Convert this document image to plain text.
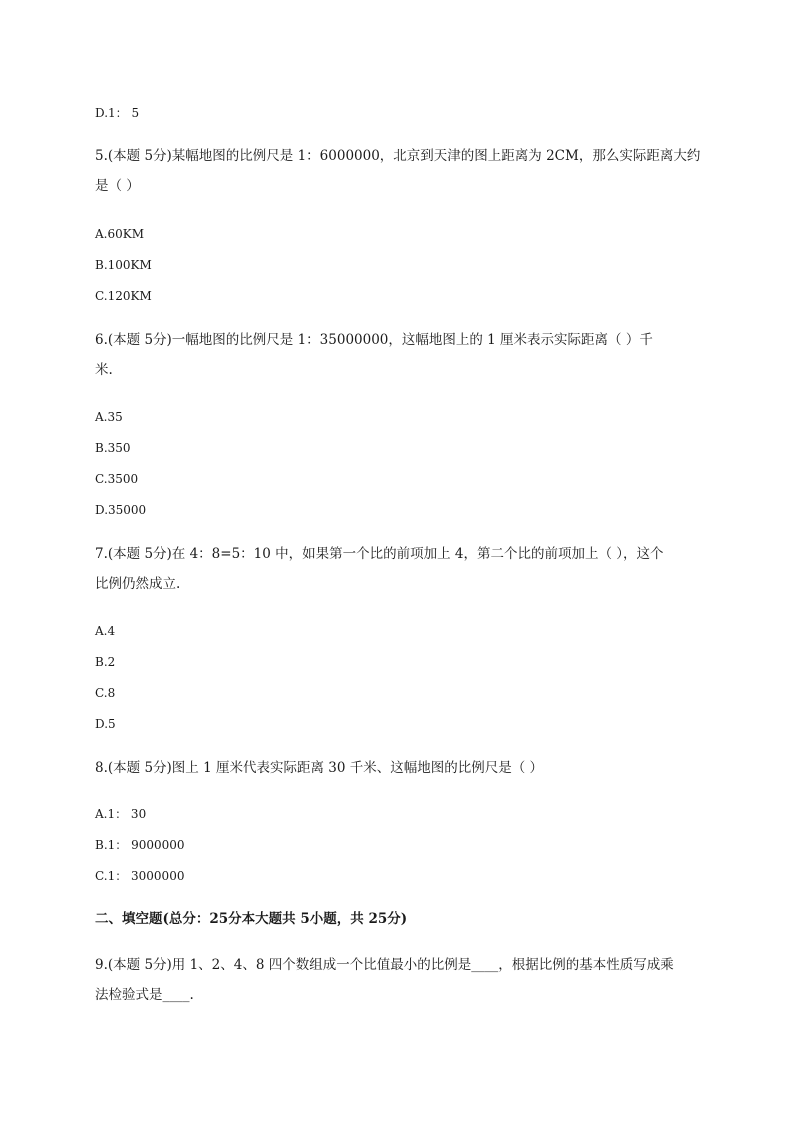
D.1： 5
5.(本题 5分)某幅地图的比例尺是 1：6000000，北京到天津的图上距离为 2CM，那么实际距离大约
是（ ）
A.60KM
B.100KM
C.120KM
6.(本题 5分)一幅地图的比例尺是 1：35000000，这幅地图上的 1 厘米表示实际距离（ ）千
米.
A.35
B.350
C.3500
D.35000
7.(本题 5分)在 4：8=5：10 中，如果第一个比的前项加上 4，第二个比的前项加上（ ），这个
比例仍然成立.
A.4
B.2
C.8
D.5
8.(本题 5分)图上 1 厘米代表实际距离 30 千米、这幅地图的比例尺是（ ）
A.1： 30
B.1： 9000000
C.1： 3000000
二、填空题(总分：25分本大题共 5小题，共 25分)
9.(本题 5分)用 1、2、4、8 四个数组成一个比值最小的比例是____，根据比例的基本性质写成乘
法检验式是____.
